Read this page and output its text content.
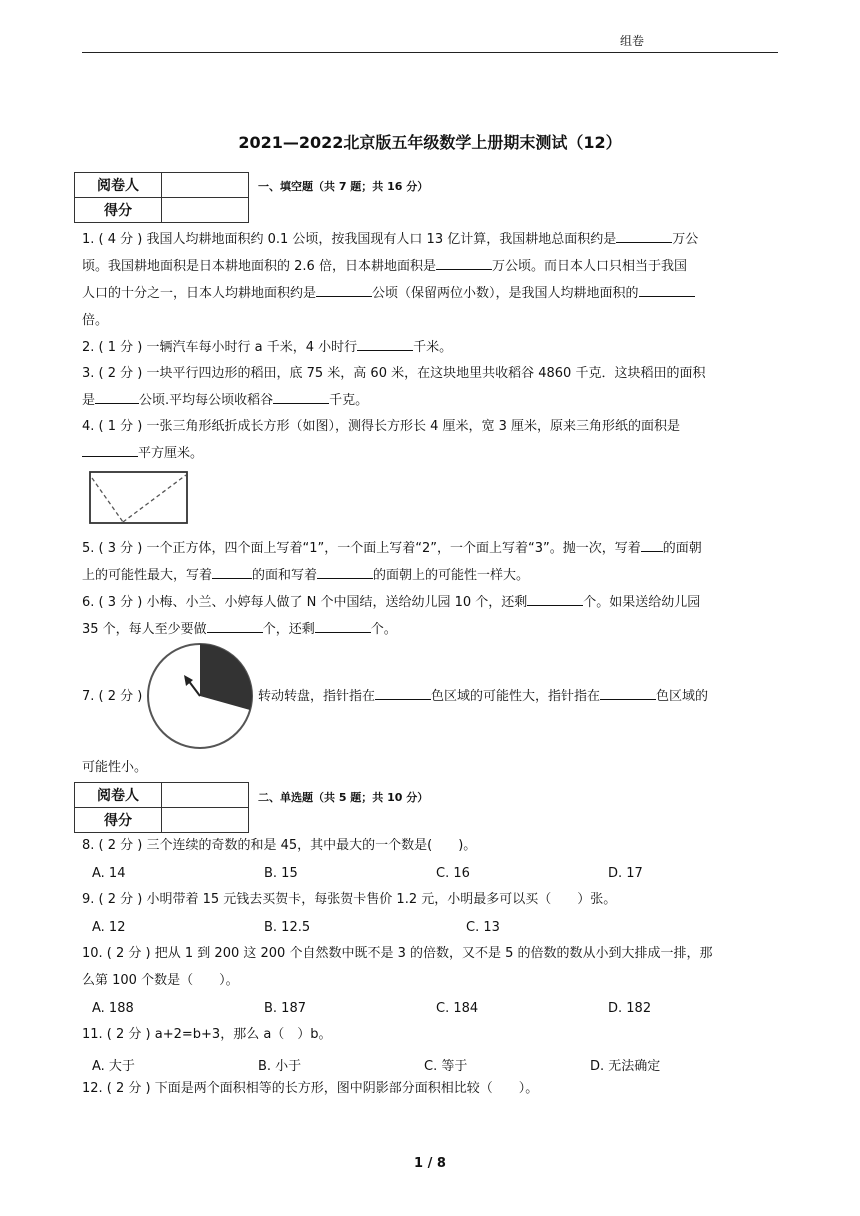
组卷
2021—2022北京版五年级数学上册期末测试（12）
阅卷人	
得分	
一、填空题（共 7 题；共 16 分）
1. ( 4 分 ) 我国人均耕地面积约 0.1 公顷，按我国现有人口 13 亿计算，我国耕地总面积约是	万公
顷。我国耕地面积是日本耕地面积的 2.6 倍，日本耕地面积是	万公顷。而日本人口只相当于我国
人口的十分之一，日本人均耕地面积约是	公顷（保留两位小数），是我国人均耕地面积的
倍。
2. ( 1 分 ) 一辆汽车每小时行 a 千米，4 小时行	千米。
3. ( 2 分 ) 一块平行四边形的稻田，底 75 米，高 60 米，在这块地里共收稻谷 4860 千克．这块稻田的面积
是	公顷.平均每公顷收稻谷	千克。
4. ( 1 分 ) 一张三角形纸折成长方形（如图），测得长方形长 4 厘米，宽 3 厘米，原来三角形纸的面积是
平方厘米。
5. ( 3 分 ) 一个正方体，四个面上写着“1”，一个面上写着“2”，一个面上写着“3”。抛一次，写着 的面朝
上的可能性最大，写着	的面和写着	的面朝上的可能性一样大。
6. ( 3 分 ) 小梅、小兰、小婷每人做了 N 个中国结，送给幼儿园 10 个，还剩	个。如果送给幼儿园
35 个，每人至少要做	个，还剩	个。
7. ( 2 分 )	转动转盘，指针指在	色区域的可能性大，指针指在	色区域的
可能性小。
阅卷人	
得分	
二、单选题（共 5 题；共 10 分）
8. ( 2 分 ) 三个连续的奇数的和是 45，其中最大的一个数是(　　)。
A. 14	B. 15	C. 16	D. 17
9. ( 2 分 ) 小明带着 15 元钱去买贺卡，每张贺卡售价 1.2 元，小明最多可以买（　　）张。
A. 12	B. 12.5	C. 13
10. ( 2 分 ) 把从 1 到 200 这 200 个自然数中既不是 3 的倍数，又不是 5 的倍数的数从小到大排成一排，那
么第 100 个数是（　　）。
A. 188	B. 187	C. 184	D. 182
11. ( 2 分 ) a+2=b+3，那么 a（　）b。
A. 大于	B. 小于	C. 等于	D. 无法确定
12. ( 2 分 ) 下面是两个面积相等的长方形，图中阴影部分面积相比较（　　）。
1 / 8
